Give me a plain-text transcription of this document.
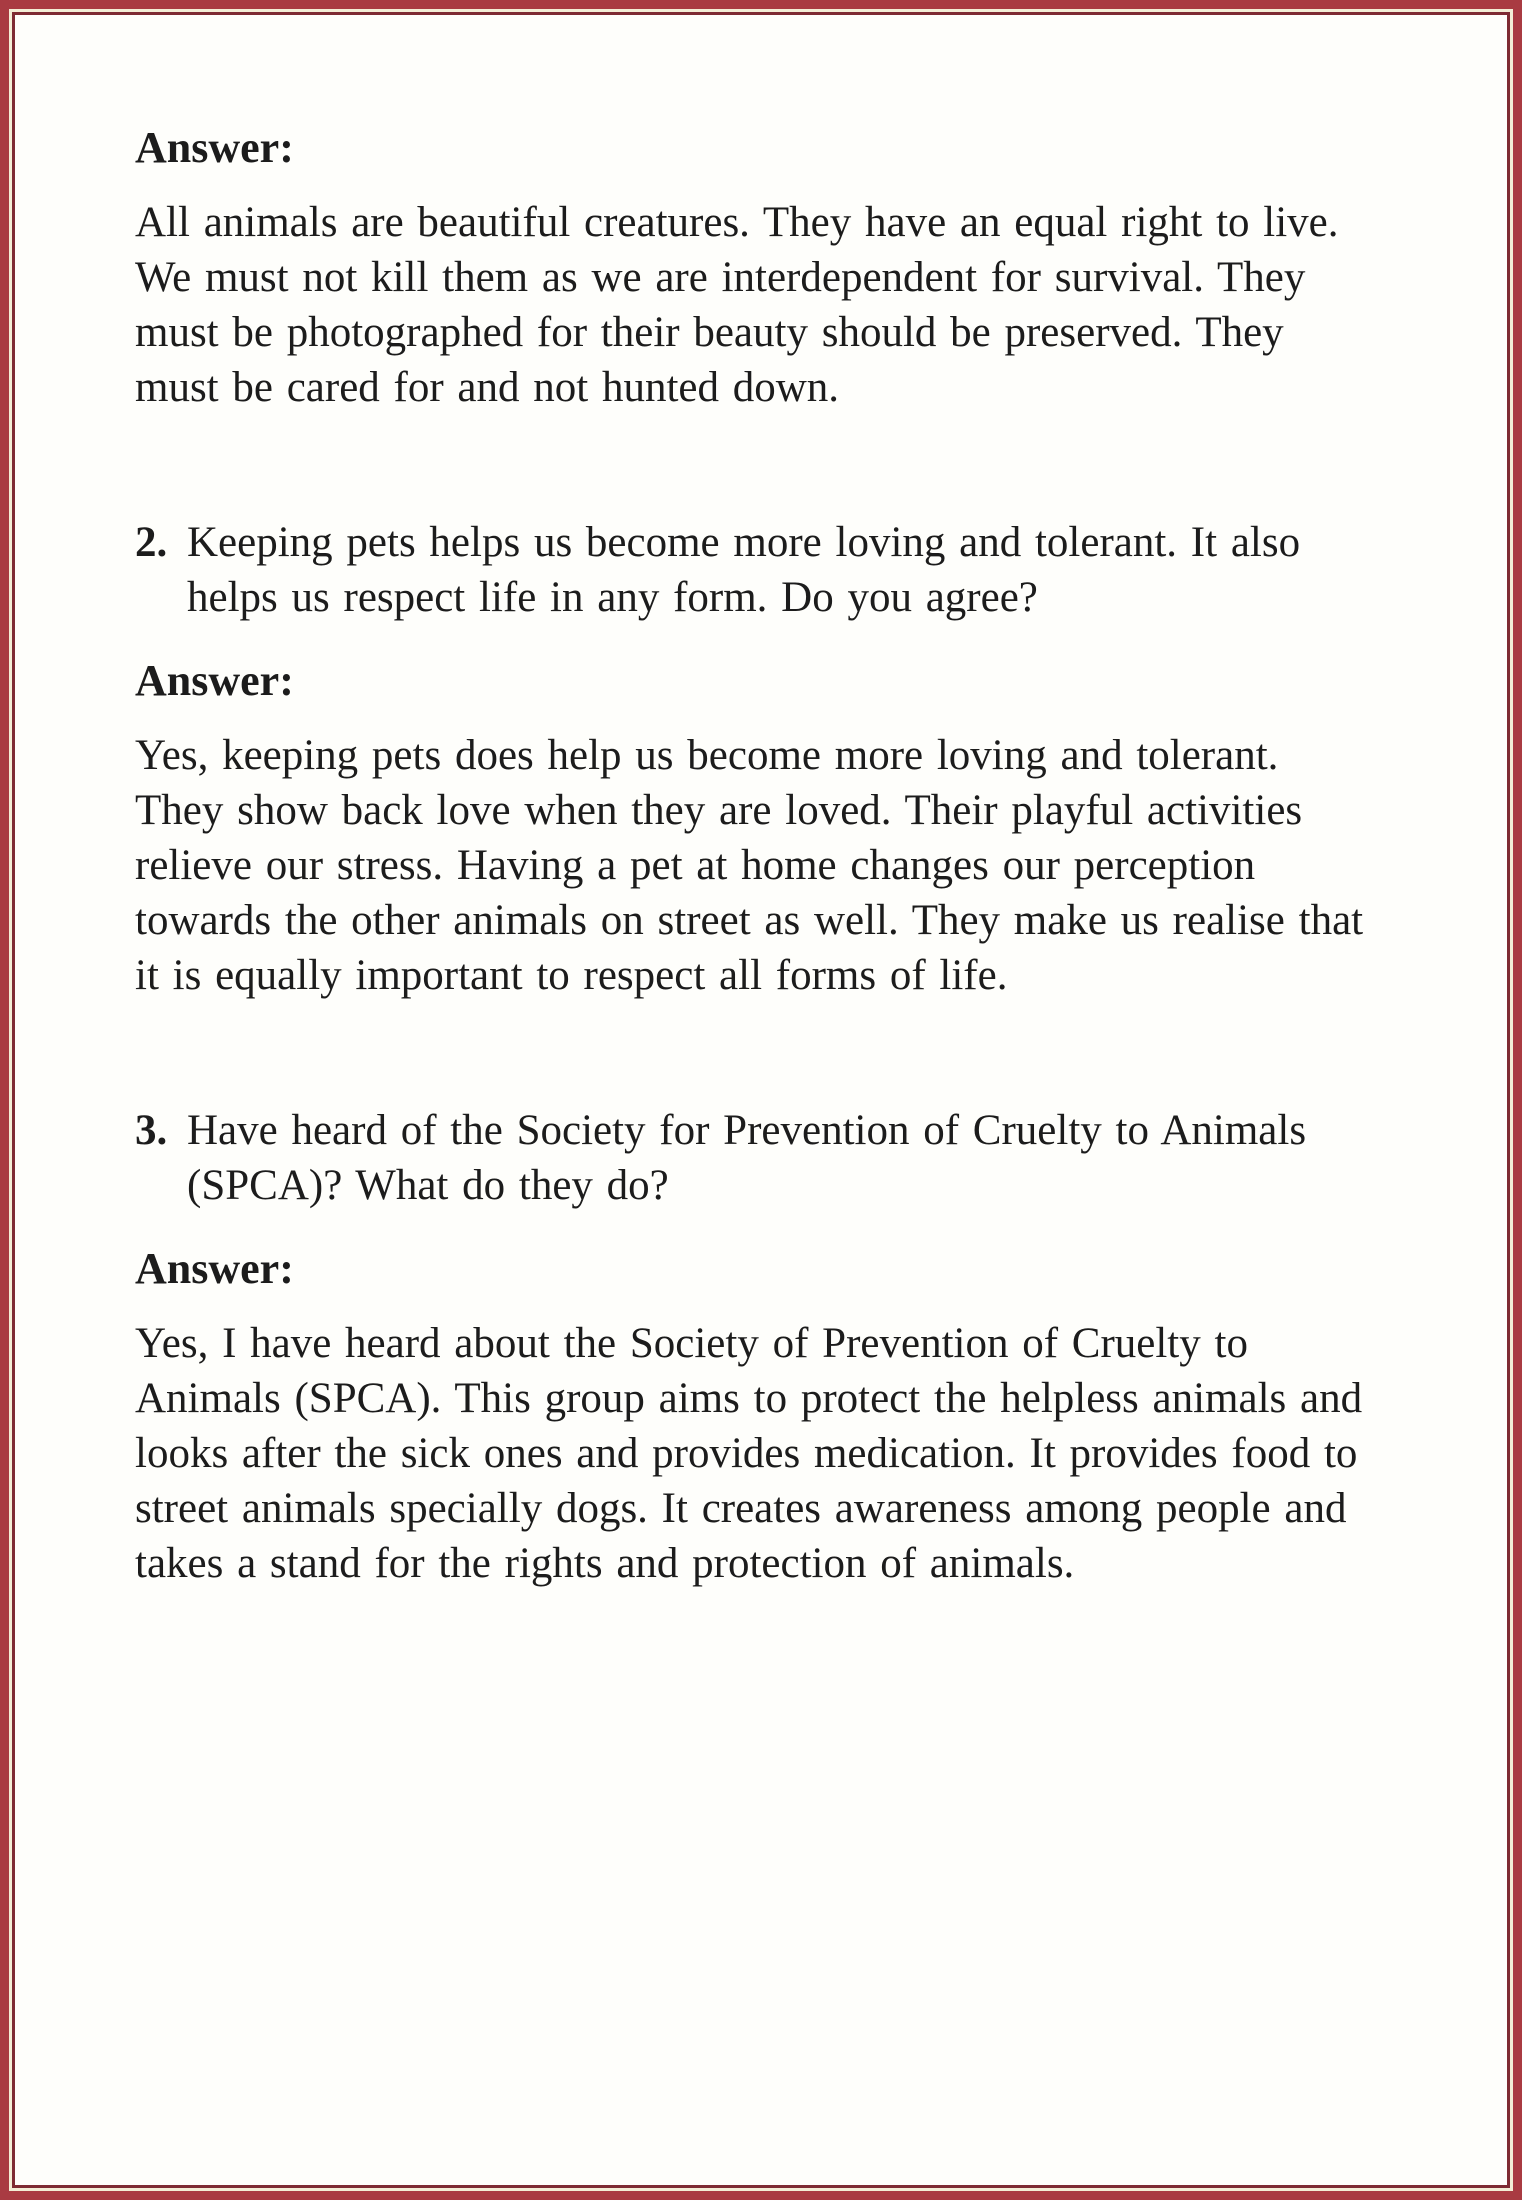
Answer:
All animals are beautiful creatures. They have an equal right to live.
We must not kill them as we are interdependent for survival. They
must be photographed for their beauty should be preserved. They
must be cared for and not hunted down.
2. Keeping pets helps us become more loving and tolerant. It also
helps us respect life in any form. Do you agree?
Answer:
Yes, keeping pets does help us become more loving and tolerant.
They show back love when they are loved. Their playful activities
relieve our stress. Having a pet at home changes our perception
towards the other animals on street as well. They make us realise that
it is equally important to respect all forms of life.
3. Have heard of the Society for Prevention of Cruelty to Animals
(SPCA)? What do they do?
Answer:
Yes, I have heard about the Society of Prevention of Cruelty to
Animals (SPCA). This group aims to protect the helpless animals and
looks after the sick ones and provides medication. It provides food to
street animals specially dogs. It creates awareness among people and
takes a stand for the rights and protection of animals.
